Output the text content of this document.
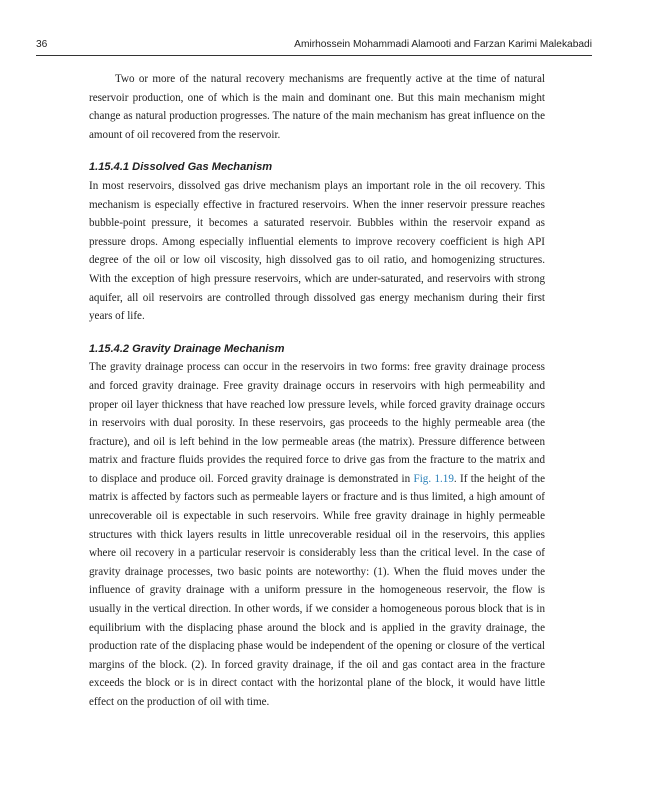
36	Amirhossein Mohammadi Alamooti and Farzan Karimi Malekabadi

Two or more of the natural recovery mechanisms are frequently active at the time of natural reservoir production, one of which is the main and dominant one. But this main mechanism might change as natural production progresses. The nature of the main mechanism has great influence on the amount of oil recovered from the reservoir.

1.15.4.1 Dissolved Gas Mechanism

In most reservoirs, dissolved gas drive mechanism plays an important role in the oil recovery. This mechanism is especially effective in fractured reservoirs. When the inner reservoir pressure reaches bubble-point pressure, it becomes a saturated reservoir. Bubbles within the reservoir expand as pressure drops. Among especially influential elements to improve recovery coefficient is high API degree of the oil or low oil viscosity, high dissolved gas to oil ratio, and homogenizing structures. With the exception of high pressure reservoirs, which are under-saturated, and reservoirs with strong aquifer, all oil reservoirs are controlled through dissolved gas energy mechanism during their first years of life.

1.15.4.2 Gravity Drainage Mechanism

The gravity drainage process can occur in the reservoirs in two forms: free gravity drainage process and forced gravity drainage. Free gravity drainage occurs in reservoirs with high permeability and proper oil layer thickness that have reached low pressure levels, while forced gravity drainage occurs in reservoirs with dual porosity. In these reservoirs, gas proceeds to the highly permeable area (the fracture), and oil is left behind in the low permeable areas (the matrix). Pressure difference between matrix and fracture fluids provides the required force to drive gas from the fracture to the matrix and to displace and produce oil. Forced gravity drainage is demonstrated in Fig. 1.19. If the height of the matrix is affected by factors such as permeable layers or fracture and is thus limited, a high amount of unrecoverable oil is expectable in such reservoirs. While free gravity drainage in highly permeable structures with thick layers results in little unrecoverable residual oil in the reservoirs, this applies where oil recovery in a particular reservoir is considerably less than the critical level. In the case of gravity drainage processes, two basic points are noteworthy: (1). When the fluid moves under the influence of gravity drainage with a uniform pressure in the homogeneous reservoir, the flow is usually in the vertical direction. In other words, if we consider a homogeneous porous block that is in equilibrium with the displacing phase around the block and is applied in the gravity drainage, the production rate of the displacing phase would be independent of the opening or closure of the vertical margins of the block. (2). In forced gravity drainage, if the oil and gas contact area in the fracture exceeds the block or is in direct contact with the horizontal plane of the block, it would have little effect on the production of oil with time.
